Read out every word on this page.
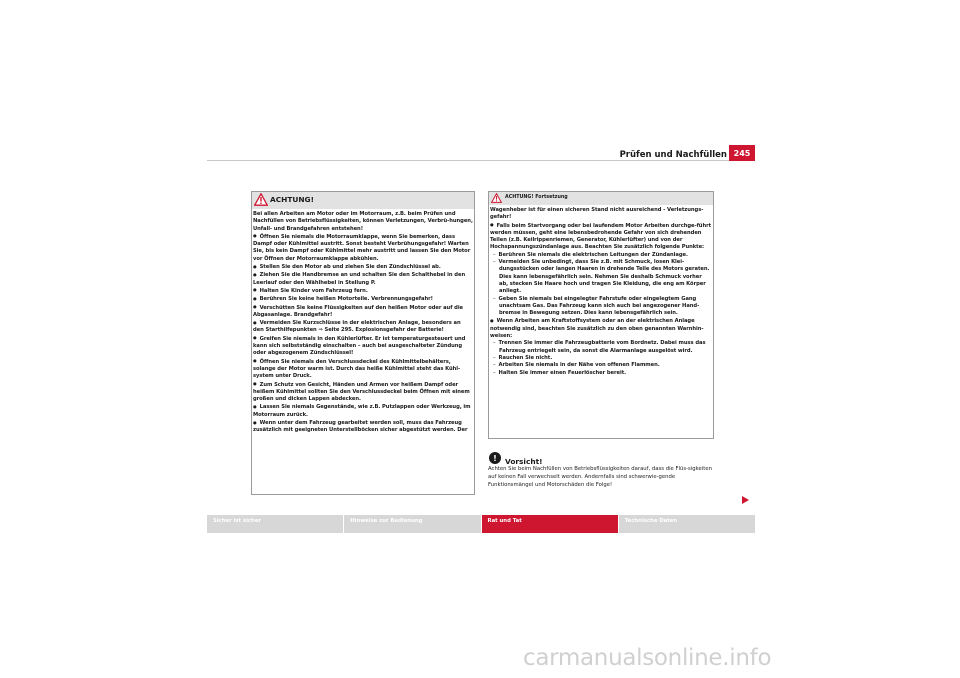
Prüfen und Nachfüllen 245
ACHTUNG!

Bei allen Arbeiten am Motor oder im Motorraum, z.B. beim Prüfen und Nachfüllen von Betriebsflüssigkeiten, können Verletzungen, Verbrü-hungen, Unfall- und Brandgefahren entstehen!

● Öffnen Sie niemals die Motorraumklappe, wenn Sie bemerken, dass Dampf oder Kühlmittel austritt. Sonst besteht Verbrühungsgefahr! Warten Sie, bis kein Dampf oder Kühlmittel mehr austritt und lassen Sie den Motor vor Öffnen der Motorraumklappe abkühlen.

● Stellen Sie den Motor ab und ziehen Sie den Zündschlüssel ab.

● Ziehen Sie die Handbremse an und schalten Sie den Schalthebel in den Leerlauf oder den Wählhebel in Stellung P.

● Halten Sie Kinder vom Fahrzeug fern.

● Berühren Sie keine heißen Motorteile. Verbrennungsgefahr!

● Verschütten Sie keine Flüssigkeiten auf den heißen Motor oder auf die Abgasanlage. Brandgefahr!

● Vermeiden Sie Kurzschlüsse in der elektrischen Anlage, besonders an den Starthilfepunkten ⇒ Seite 295. Explosionsgefahr der Batterie!

● Greifen Sie niemals in den Kühlerlüfter. Er ist temperaturgesteuert und kann sich selbstständig einschalten – auch bei ausgeschalteter Zündung oder abgezogenem Zündschlüssel!

● Öffnen Sie niemals den Verschlussdeckel des Kühlmittelbehälters, solange der Motor warm ist. Durch das heiße Kühlmittel steht das Kühl-system unter Druck.

● Zum Schutz von Gesicht, Händen und Armen vor heißem Dampf oder heißem Kühlmittel sollten Sie den Verschlussdeckel beim Öffnen mit einem großen und dicken Lappen abdecken.

● Lassen Sie niemals Gegenstände, wie z.B. Putzlappen oder Werkzeug, im Motorraum zurück.

● Wenn unter dem Fahrzeug gearbeitet werden soll, muss das Fahrzeug zusätzlich mit geeigneten Unterstellböcken sicher abgestützt werden. Der

ACHTUNG! Fortsetzung

Wagenheber ist für einen sicheren Stand nicht ausreichend - Verletzungs-gefahr!

● Falls beim Startvorgang oder bei laufendem Motor Arbeiten durchge-führt werden müssen, geht eine lebensbedrohende Gefahr von sich drehenden Teilen (z.B. Keilrippenriemen, Generator, Kühlerlüfter) und von der Hochspannungszündanlage aus. Beachten Sie zusätzlich folgende Punkte:

– Berühren Sie niemals die elektrischen Leitungen der Zündanlage.

– Vermeiden Sie unbedingt, dass Sie z.B. mit Schmuck, losen Klei-dungsstücken oder langen Haaren in drehende Teile des Motors geraten. Dies kann lebensgefährlich sein. Nehmen Sie deshalb Schmuck vorher ab, stecken Sie Haare hoch und tragen Sie Kleidung, die eng am Körper anliegt.

– Geben Sie niemals bei eingelegter Fahrstufe oder eingelegtem Gang unachtsam Gas. Das Fahrzeug kann sich auch bei angezogener Hand-bremse in Bewegung setzen. Dies kann lebensgefährlich sein.

● Wenn Arbeiten am Kraftstoffsystem oder an der elektrischen Anlage notwendig sind, beachten Sie zusätzlich zu den oben genannten Warnhin-weisen:

– Trennen Sie immer die Fahrzeugbatterie vom Bordnetz. Dabei muss das Fahrzeug entriegelt sein, da sonst die Alarmanlage ausgelöst wird.

– Rauchen Sie nicht.

– Arbeiten Sie niemals in der Nähe von offenen Flammen.

– Halten Sie immer einen Feuerlöscher bereit.

!	Vorsicht!

Achten Sie beim Nachfüllen von Betriebsflüssigkeiten darauf, dass die Flüs-sigkeiten auf keinen Fall verwechselt werden. Andernfalls sind schwerwie-gende Funktionsmängel und Motorschäden die Folge!

Sicher ist sicher	Hinweise zur Bedienung	Rat und Tat	Technische Daten
carmanualsonline.info
